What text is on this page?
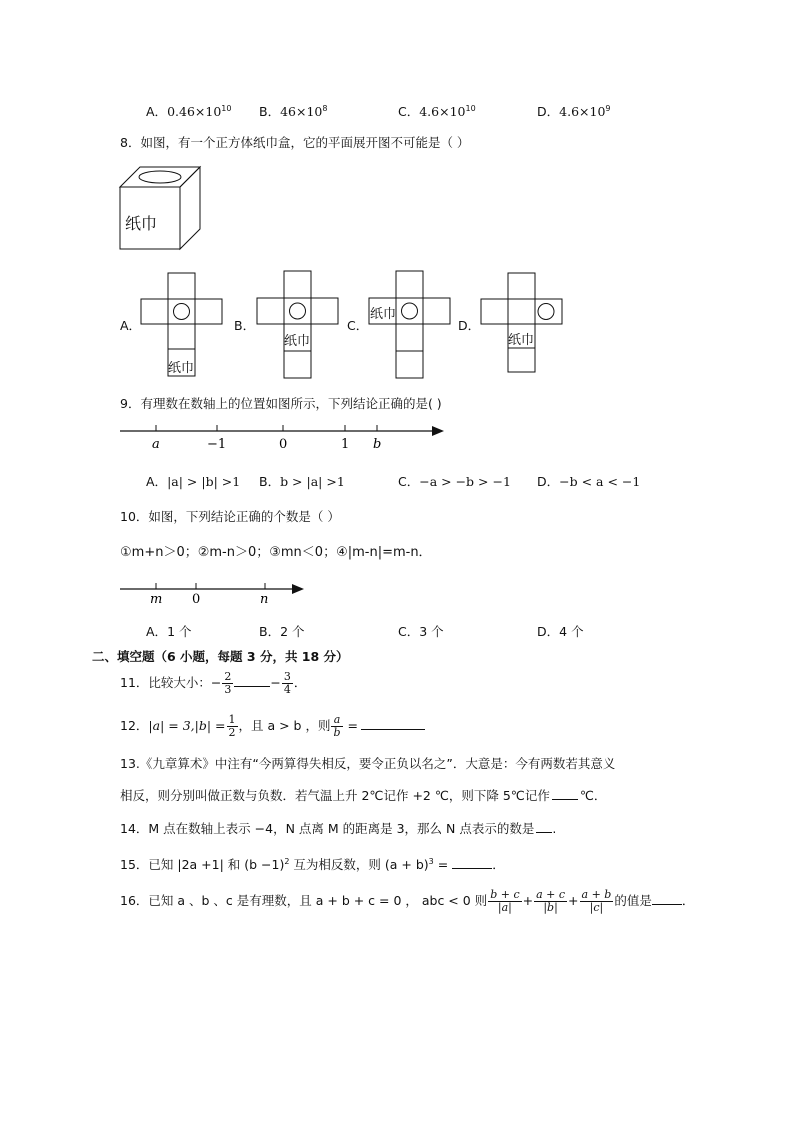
A．$0.46\times 10^{10}$ B．$46\times 10^8$	C．$4.6\times 10^{10}$	D．$4.6\times 10^9$
8．如图，有一个正方体纸巾盒，它的平面展开图不可能是（ ）
纸巾
A．
纸巾
B．
纸巾
C．
纸巾
D．
纸巾
9．有理数在数轴上的位置如图所示，下列结论正确的是( )
a	−1	0	1 b
A．|a| > |b| >1 B．b > |a| >1	C．−a > −b > −1 D．−b < a < −1
10．如图，下列结论正确的个数是（ ）
①m+n＞0；②m-n＞0；③mn＜0；④|m-n|=m-n．
m 0	n
A．1 个	B．2 个	C．3 个	D．4 个
二、填空题（6 小题，每题 3 分，共 18 分）
11．比较大小：− $\frac{2}{3}$	− $\frac{3}{4}$ ．
12．$|a| = 3,|b| = \frac{1}{2}$ ，且 a > b ，则 $\frac{a}{b}$ =
13.《九章算术》中注有“今两算得失相反，要令正负以名之”．大意是：今有两数若其意义
相反，则分别叫做正数与负数．若气温上升 2℃记作 +2 ℃，则下降 5℃记作 ℃．
14．M 点在数轴上表示 −4，N 点离 M 的距离是 3，那么 N 点表示的数是 .
15．已知 |2a +1| 和 $(b -1)^2$ 互为相反数，则 $(a + b)^3$ =	．
16．已知 a 、b 、c 是有理数，且 a + b + c = 0 ， abc < 0 则 $\frac{b + c}{|a|} + \frac{a + c}{|b|} + \frac{a + b}{|c|}$ 的值是 ．
